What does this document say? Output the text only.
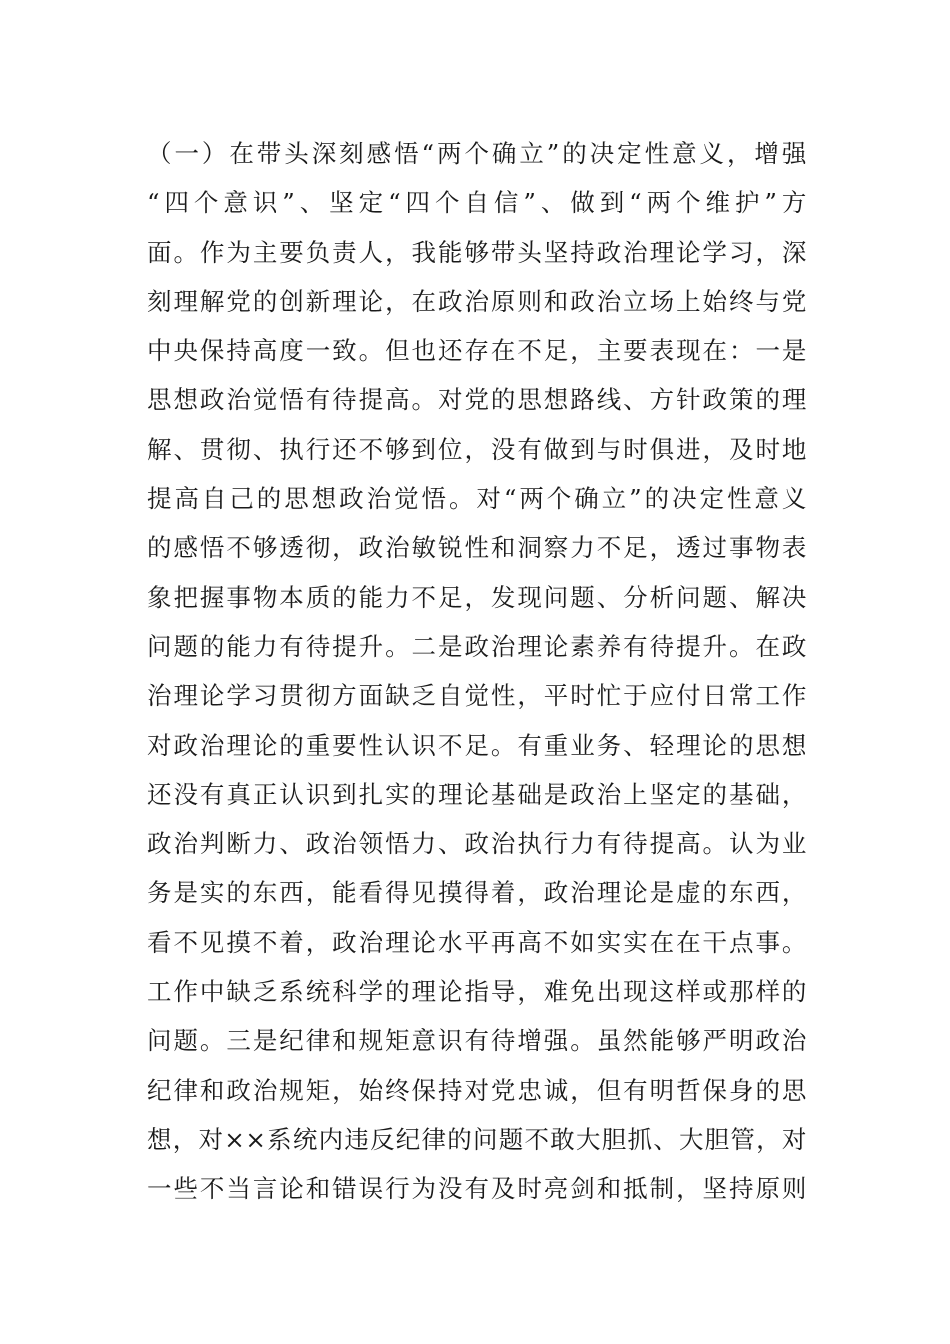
（一）在带头深刻感悟“两个确立”的决定性意义，增强
“四个意识”、坚定“四个自信”、做到“两个维护”方
面。作为主要负责人，我能够带头坚持政治理论学习，深
刻理解党的创新理论，在政治原则和政治立场上始终与党
中央保持高度一致。但也还存在不足，主要表现在：一是
思想政治觉悟有待提高。对党的思想路线、方针政策的理
解、贯彻、执行还不够到位，没有做到与时俱进，及时地
提高自己的思想政治觉悟。对“两个确立”的决定性意义
的感悟不够透彻，政治敏锐性和洞察力不足，透过事物表
象把握事物本质的能力不足，发现问题、分析问题、解决
问题的能力有待提升。二是政治理论素养有待提升。在政
治理论学习贯彻方面缺乏自觉性，平时忙于应付日常工作
对政治理论的重要性认识不足。有重业务、轻理论的思想
还没有真正认识到扎实的理论基础是政治上坚定的基础，
政治判断力、政治领悟力、政治执行力有待提高。认为业
务是实的东西，能看得见摸得着，政治理论是虚的东西，
看不见摸不着，政治理论水平再高不如实实在在干点事。
工作中缺乏系统科学的理论指导，难免出现这样或那样的
问题。三是纪律和规矩意识有待增强。虽然能够严明政治
纪律和政治规矩，始终保持对党忠诚，但有明哲保身的思
想，对××系统内违反纪律的问题不敢大胆抓、大胆管，对
一些不当言论和错误行为没有及时亮剑和抵制，坚持原则
